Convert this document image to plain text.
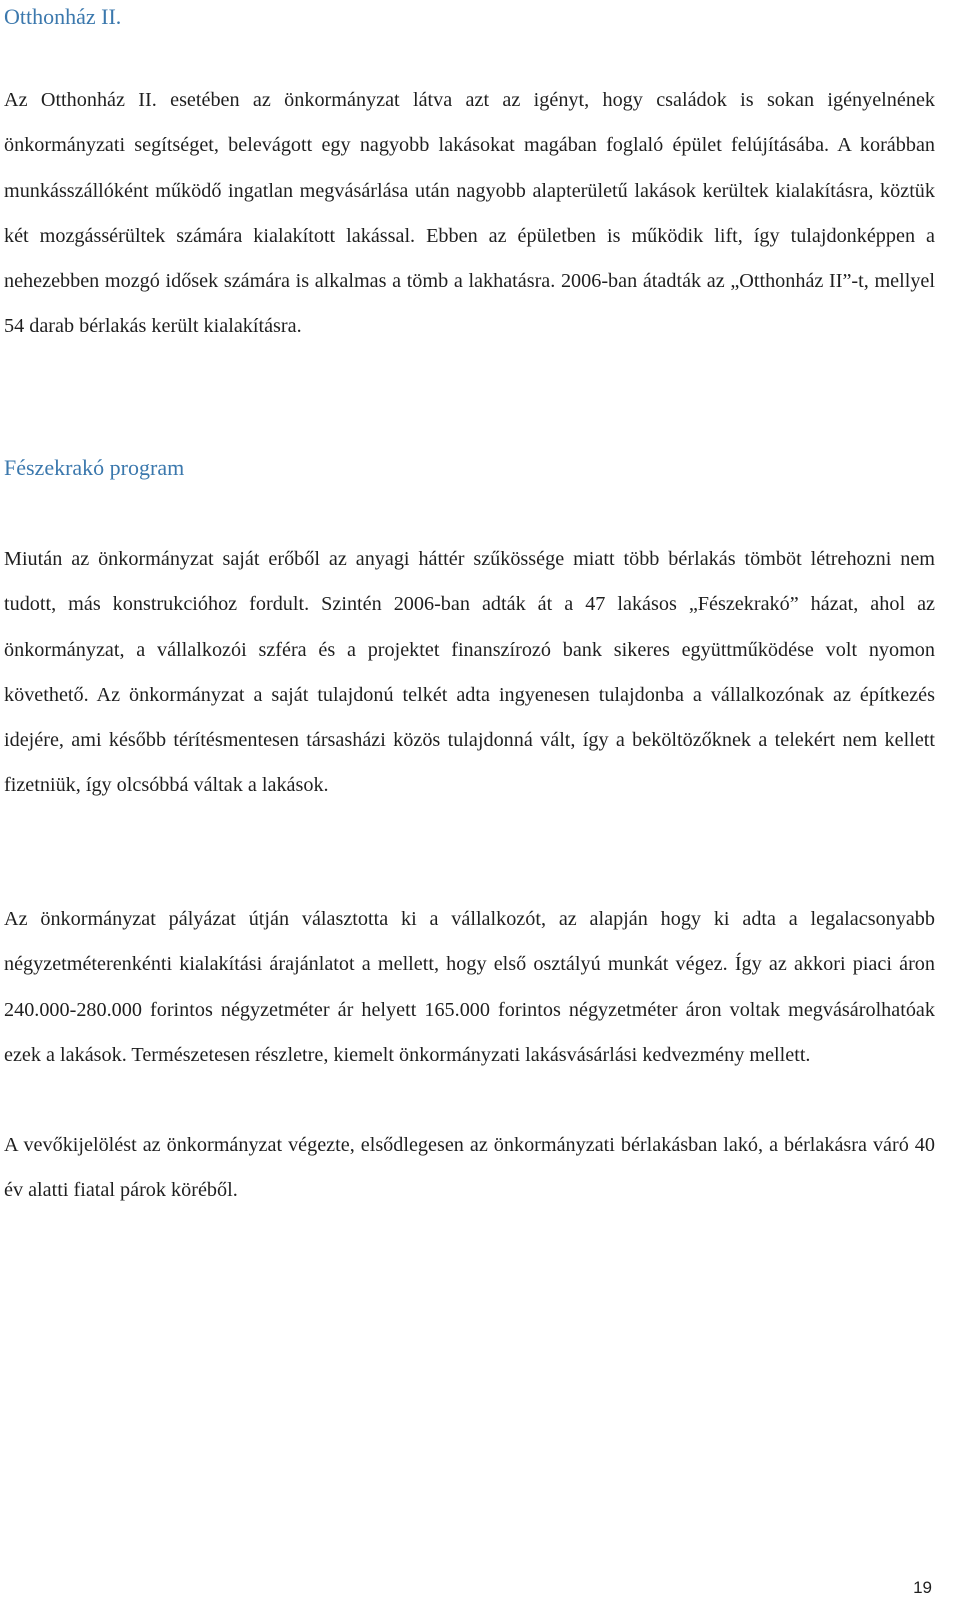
Otthonház II.

Az Otthonház II. esetében az önkormányzat látva azt az igényt, hogy családok is sokan igényelnének önkormányzati segítséget, belevágott egy nagyobb lakásokat magában foglaló épület felújításába. A korábban munkásszállóként működő ingatlan megvásárlása után nagyobb alapterületű lakások kerültek kialakításra, köztük két mozgássérültek számára kialakított lakással. Ebben az épületben is működik lift, így tulajdonképpen a nehezebben mozgó idősek számára is alkalmas a tömb a lakhatásra. 2006-ban átadták az „Otthonház II”-t, mellyel 54 darab bérlakás került kialakításra.

Fészekrakó program

Miután az önkormányzat saját erőből az anyagi háttér szűkössége miatt több bérlakás tömböt létrehozni nem tudott, más konstrukcióhoz fordult. Szintén 2006-ban adták át a 47 lakásos „Fészekrakó” házat, ahol az önkormányzat, a vállalkozói szféra és a projektet finanszírozó bank sikeres együttműködése volt nyomon követhető. Az önkormányzat a saját tulajdonú telkét adta ingyenesen tulajdonba a vállalkozónak az építkezés idejére, ami később térítésmentesen társasházi közös tulajdonná vált, így a beköltözőknek a telekért nem kellett fizetniük, így olcsóbbá váltak a lakások.

Az önkormányzat pályázat útján választotta ki a vállalkozót, az alapján hogy ki adta a legalacsonyabb négyzetméterenkénti kialakítási árajánlatot a mellett, hogy első osztályú munkát végez. Így az akkori piaci áron 240.000-280.000 forintos négyzetméter ár helyett 165.000 forintos négyzetméter áron voltak megvásárolhatóak ezek a lakások. Természetesen részletre, kiemelt önkormányzati lakásvásárlási kedvezmény mellett.

A vevőkijelölést az önkormányzat végezte, elsődlegesen az önkormányzati bérlakásban lakó, a bérlakásra váró 40 év alatti fiatal párok köréből.

19
